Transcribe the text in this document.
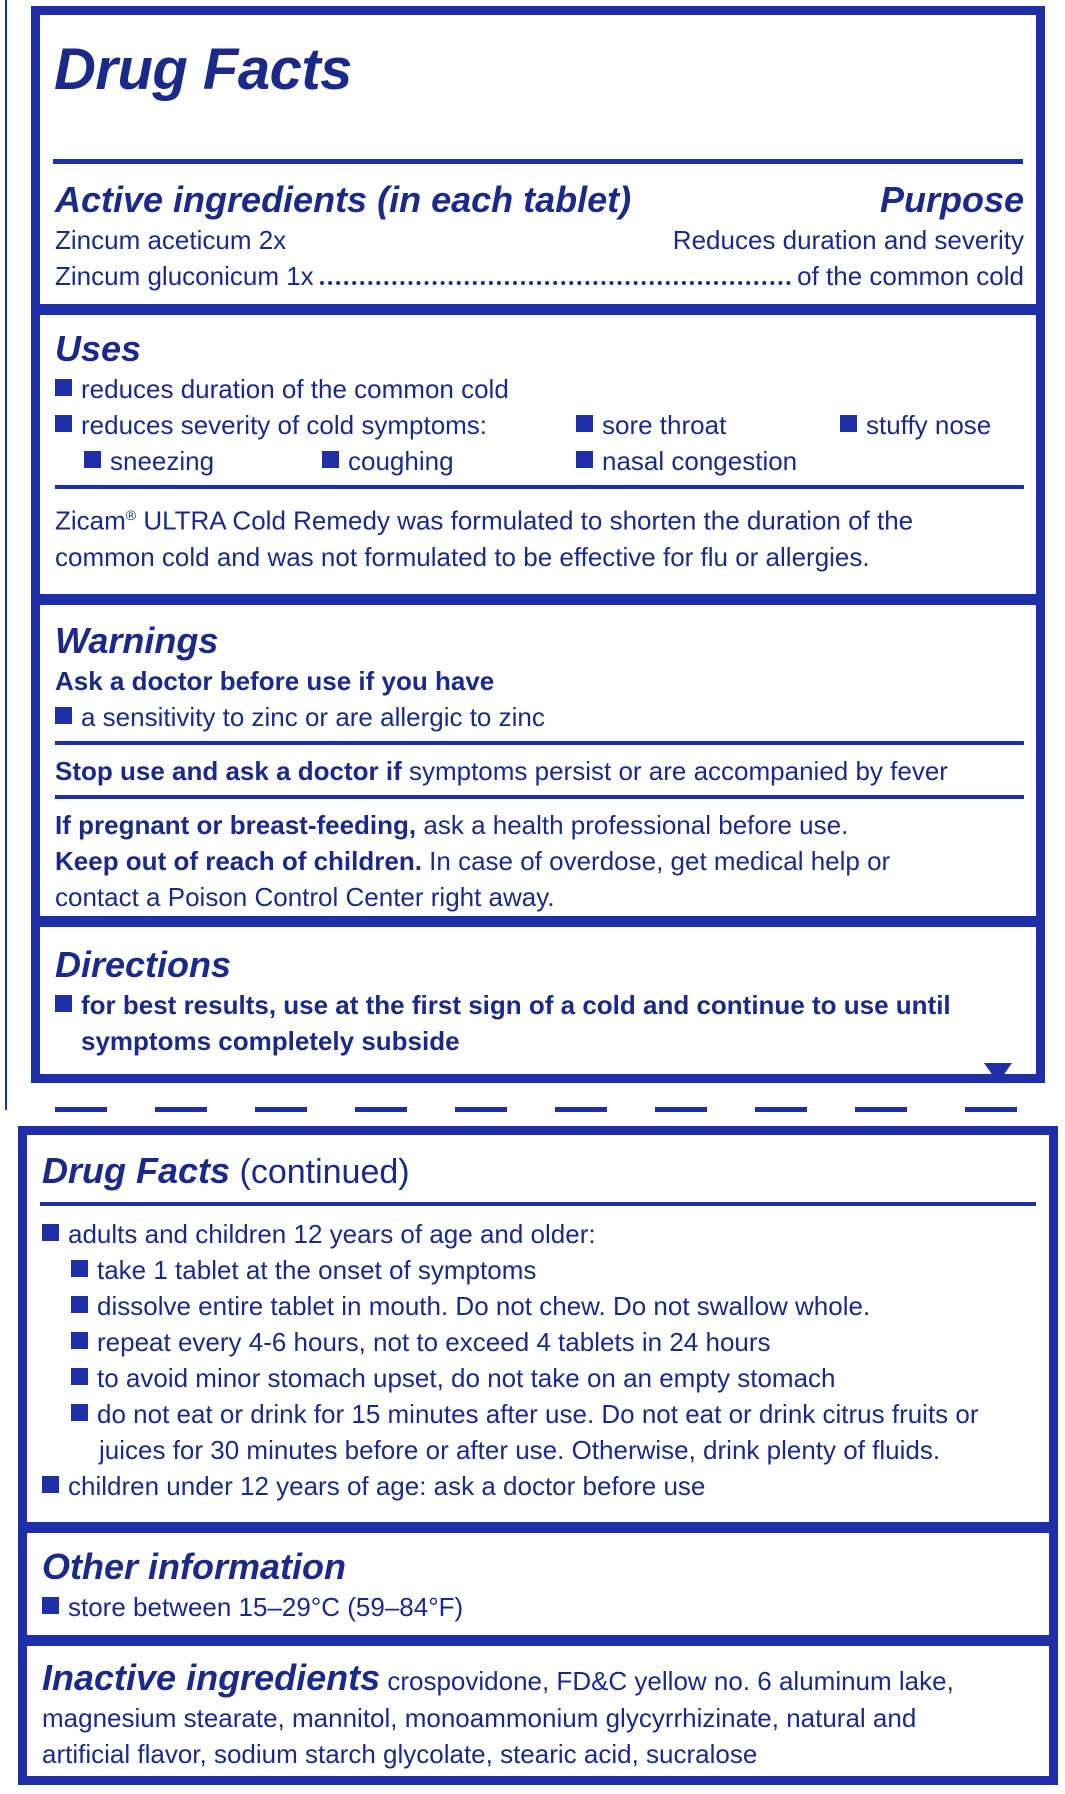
Drug Facts
Active ingredients (in each tablet)	Purpose
Zincum aceticum 2x	Reduces duration and severity
Zincum gluconicum 1x	of the common cold
Uses
reduces duration of the common cold
reduces severity of cold symptoms:	sore throat	stuffy nose
sneezing	coughing	nasal congestion
Zicam® ULTRA Cold Remedy was formulated to shorten the duration of the
common cold and was not formulated to be effective for flu or allergies.
Warnings
Ask a doctor before use if you have
a sensitivity to zinc or are allergic to zinc
Stop use and ask a doctor if symptoms persist or are accompanied by fever
If pregnant or breast-feeding, ask a health professional before use.
Keep out of reach of children. In case of overdose, get medical help or
contact a Poison Control Center right away.
Directions
for best results, use at the first sign of a cold and continue to use until
symptoms completely subside
Drug Facts (continued)
adults and children 12 years of age and older:
take 1 tablet at the onset of symptoms
dissolve entire tablet in mouth. Do not chew. Do not swallow whole.
repeat every 4-6 hours, not to exceed 4 tablets in 24 hours
to avoid minor stomach upset, do not take on an empty stomach
do not eat or drink for 15 minutes after use. Do not eat or drink citrus fruits or
juices for 30 minutes before or after use. Otherwise, drink plenty of fluids.
children under 12 years of age: ask a doctor before use
Other information
store between 15–29°C (59–84°F)
Inactive ingredients crospovidone, FD&C yellow no. 6 aluminum lake,
magnesium stearate, mannitol, monoammonium glycyrrhizinate, natural and
artificial flavor, sodium starch glycolate, stearic acid, sucralose
